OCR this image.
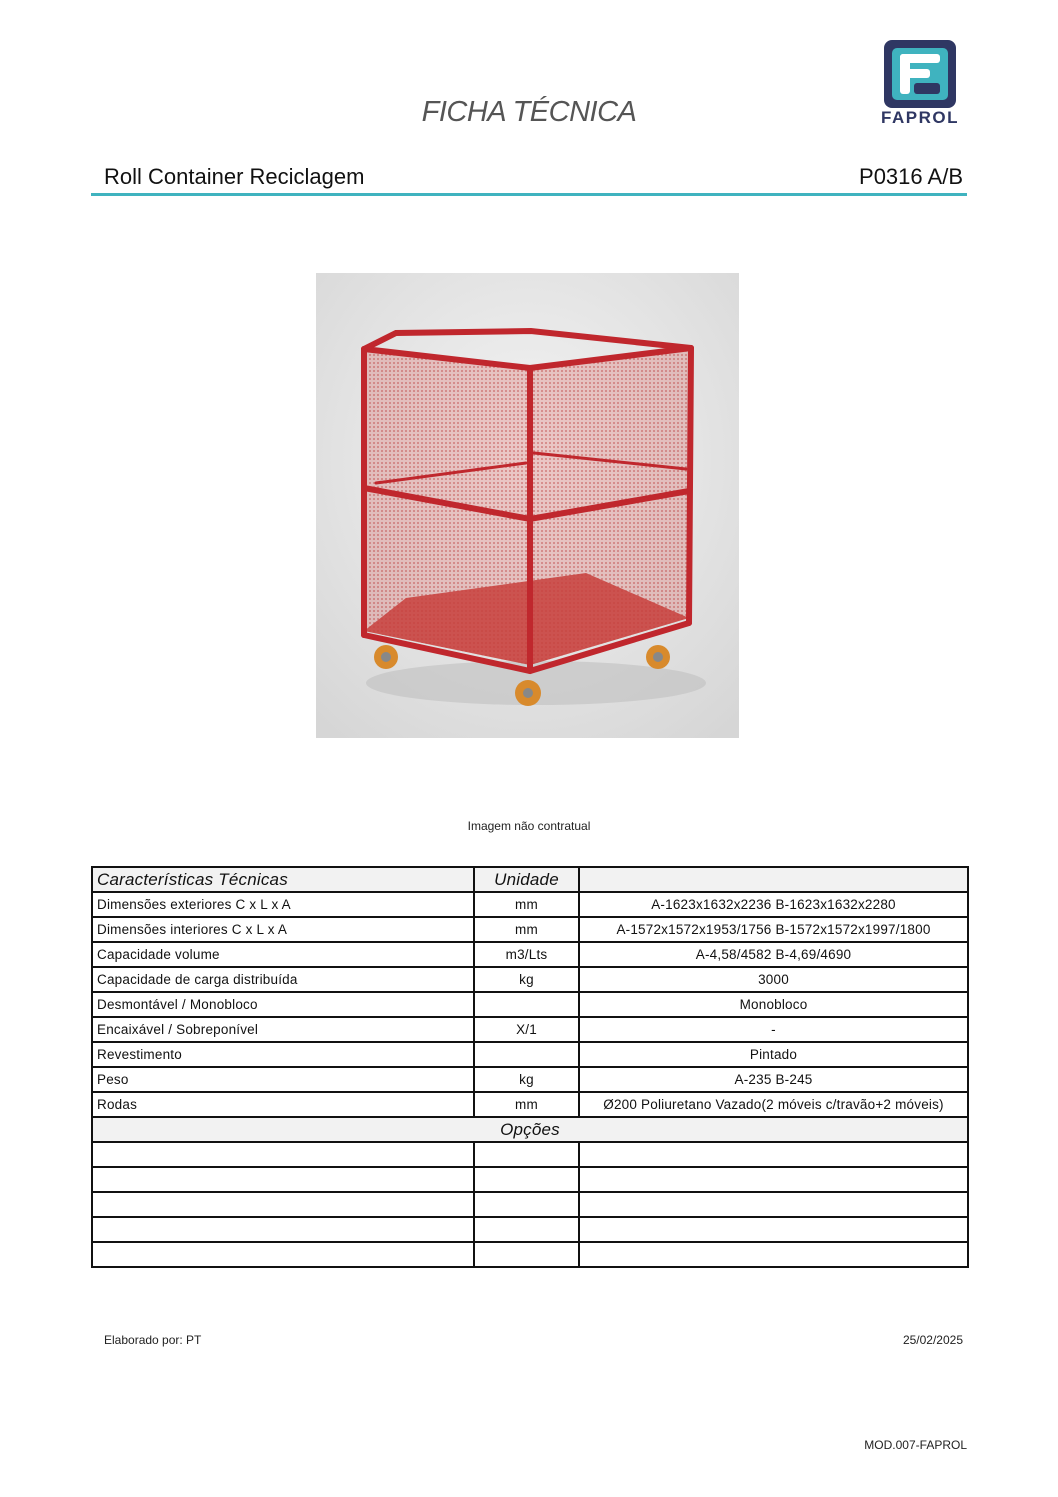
FICHA TÉCNICA	FAPROL
Roll Container Reciclagem	P0316 A/B
Imagem não contratual
Características Técnicas	Unidade	
Dimensões exteriores C x L x A	mm	A-1623x1632x2236 B-1623x1632x2280
Dimensões interiores C x L x A	mm	A-1572x1572x1953/1756 B-1572x1572x1997/1800
Capacidade volume	m3/Lts	A-4,58/4582 B-4,69/4690
Capacidade de carga distribuída	kg	3000
Desmontável / Monobloco		Monobloco
Encaixável / Sobreponível	X/1	-
Revestimento		Pintado
Peso	kg	A-235 B-245
Rodas	mm	Ø200 Poliuretano Vazado(2 móveis c/travão+2 móveis)
Opções		

Elaborado por: PT	25/02/2025
MOD.007-FAPROL
